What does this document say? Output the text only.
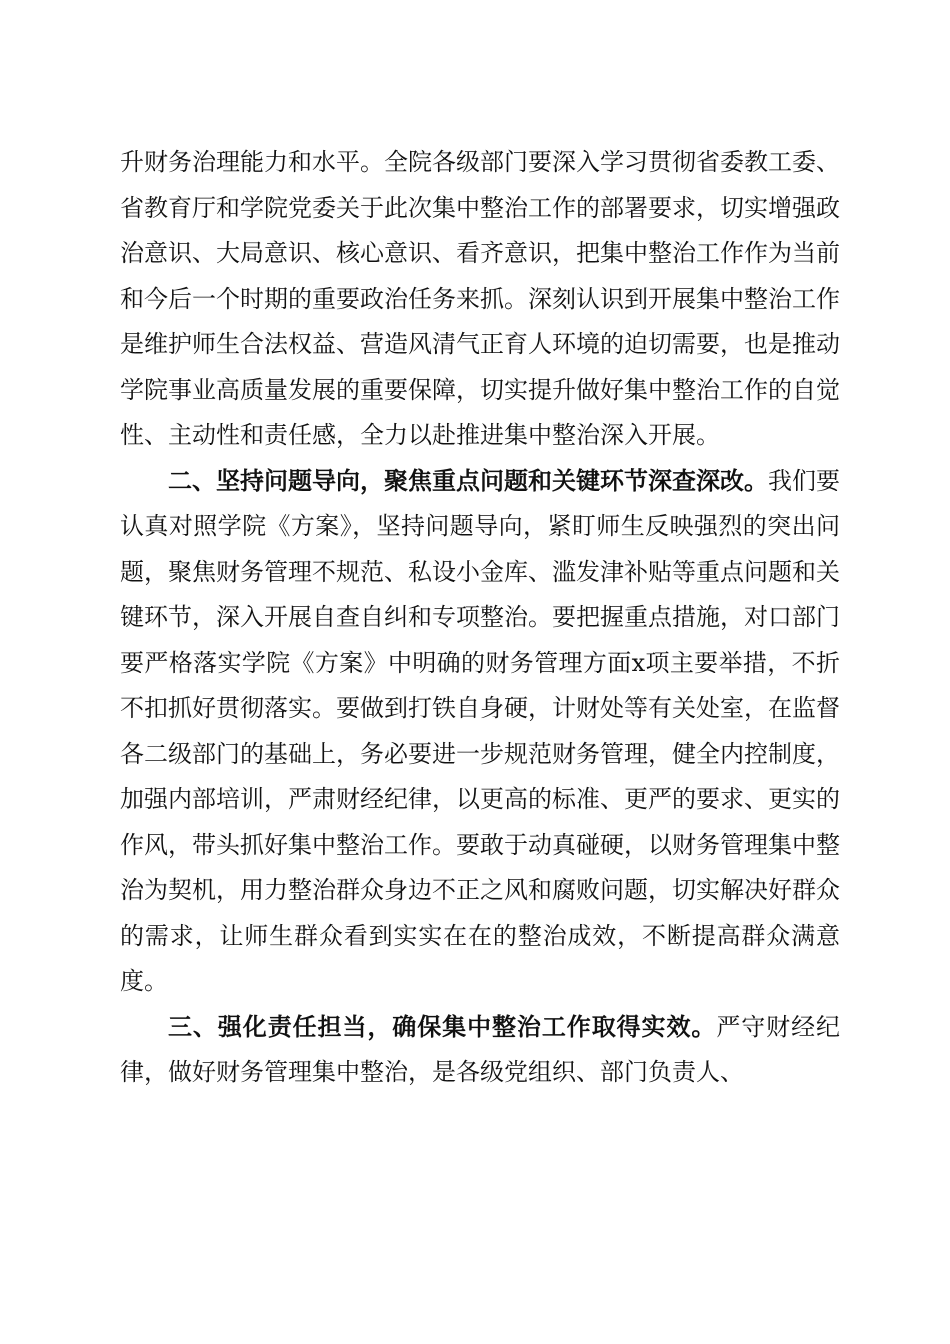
升财务治理能力和水平。全院各级部门要深入学习贯彻省委教工委、省教育厅和学院党委关于此次集中整治工作的部署要求，切实增强政治意识、大局意识、核心意识、看齐意识，把集中整治工作作为当前和今后一个时期的重要政治任务来抓。深刻认识到开展集中整治工作是维护师生合法权益、营造风清气正育人环境的迫切需要，也是推动学院事业高质量发展的重要保障，切实提升做好集中整治工作的自觉性、主动性和责任感，全力以赴推进集中整治深入开展。

二、坚持问题导向，聚焦重点问题和关键环节深查深改。我们要认真对照学院《方案》，坚持问题导向，紧盯师生反映强烈的突出问题，聚焦财务管理不规范、私设小金库、滥发津补贴等重点问题和关键环节，深入开展自查自纠和专项整治。要把握重点措施，对口部门要严格落实学院《方案》中明确的财务管理方面x项主要举措，不折不扣抓好贯彻落实。要做到打铁自身硬，计财处等有关处室，在监督各二级部门的基础上，务必要进一步规范财务管理，健全内控制度，加强内部培训，严肃财经纪律，以更高的标准、更严的要求、更实的作风，带头抓好集中整治工作。要敢于动真碰硬，以财务管理集中整治为契机，用力整治群众身边不正之风和腐败问题，切实解决好群众的需求，让师生群众看到实实在在的整治成效，不断提高群众满意度。

三、强化责任担当，确保集中整治工作取得实效。严守财经纪律，做好财务管理集中整治，是各级党组织、部门负责人、
